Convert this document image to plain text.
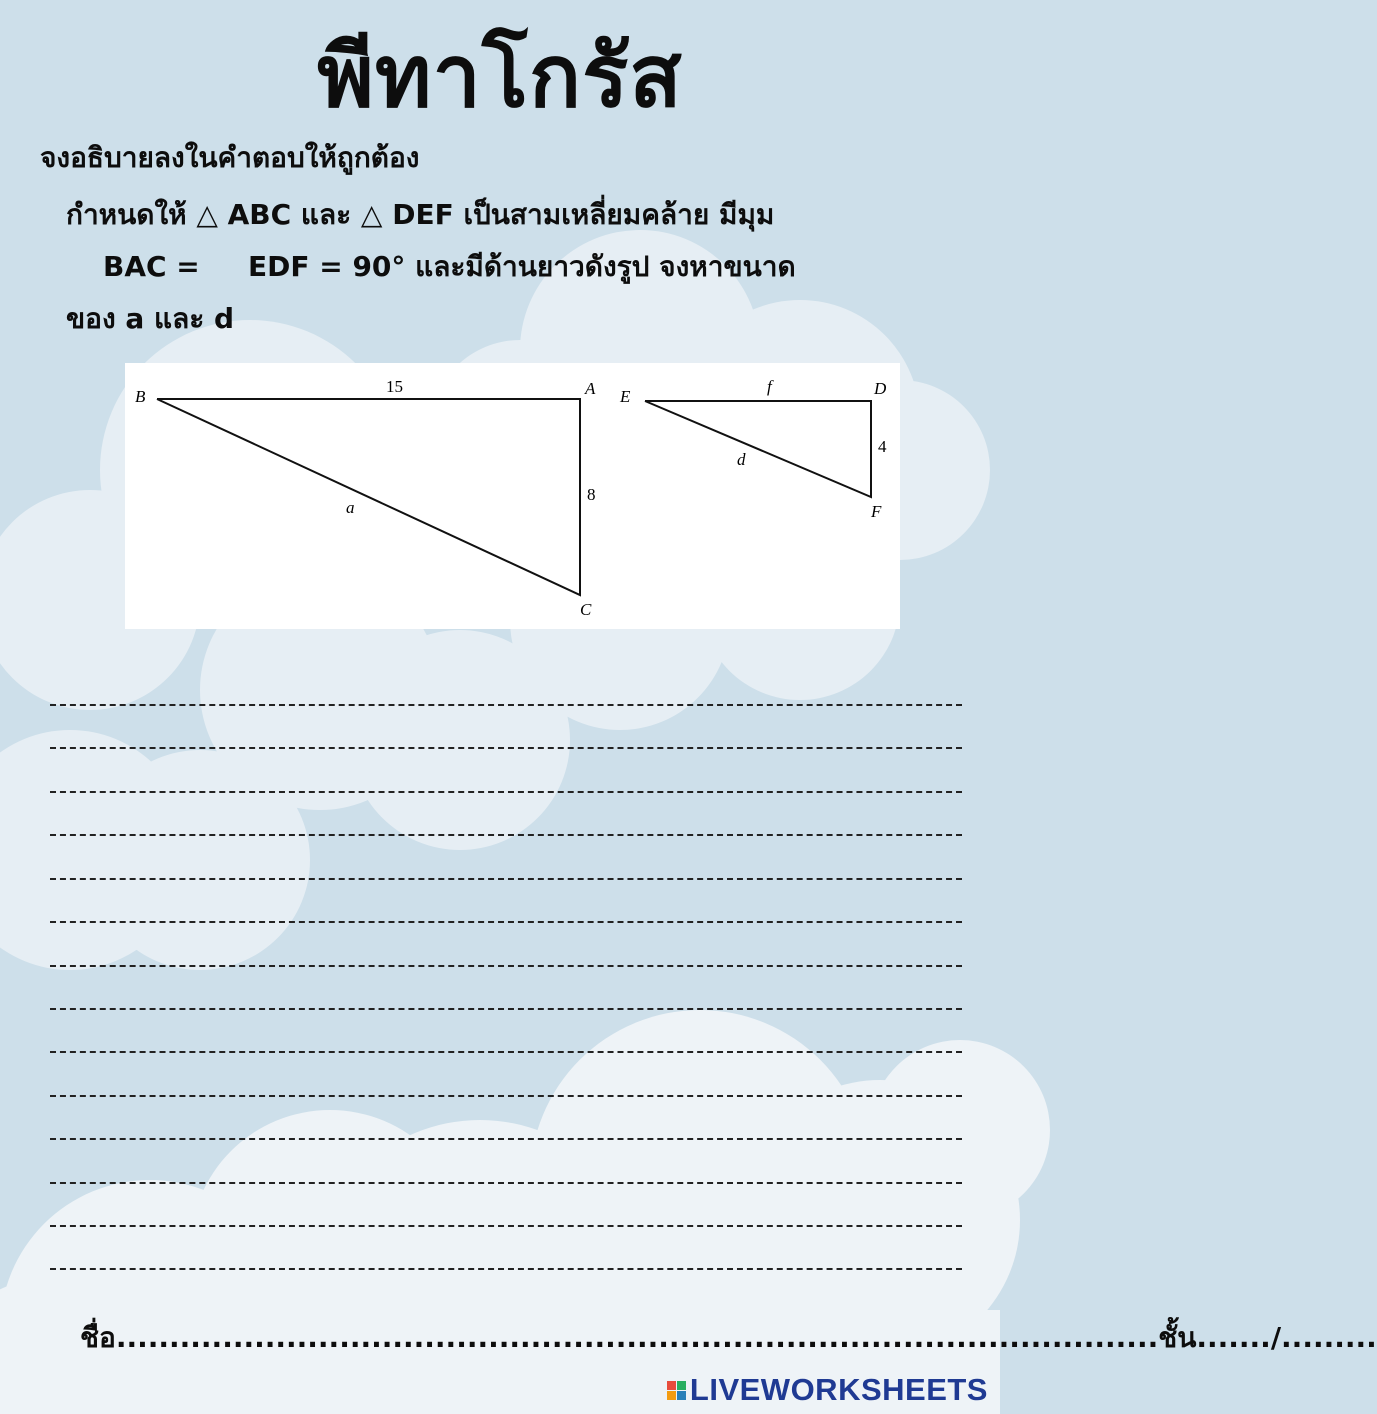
พีทาโกรัส
จงอธิบายลงในคำตอบให้ถูกต้อง
กำหนดให้ △ ABC และ △ DEF เป็นสามเหลี่ยมคล้าย มีมุม
BAC = EDF = 90° และมีด้านยาวดังรูป จงหาขนาด
ของ a และ d
B	A
C
15
8
a
E	D
F
f
4
d
ชื่อ..................................................................................................ชั้น......./.........
LIVEWORKSHEETS
